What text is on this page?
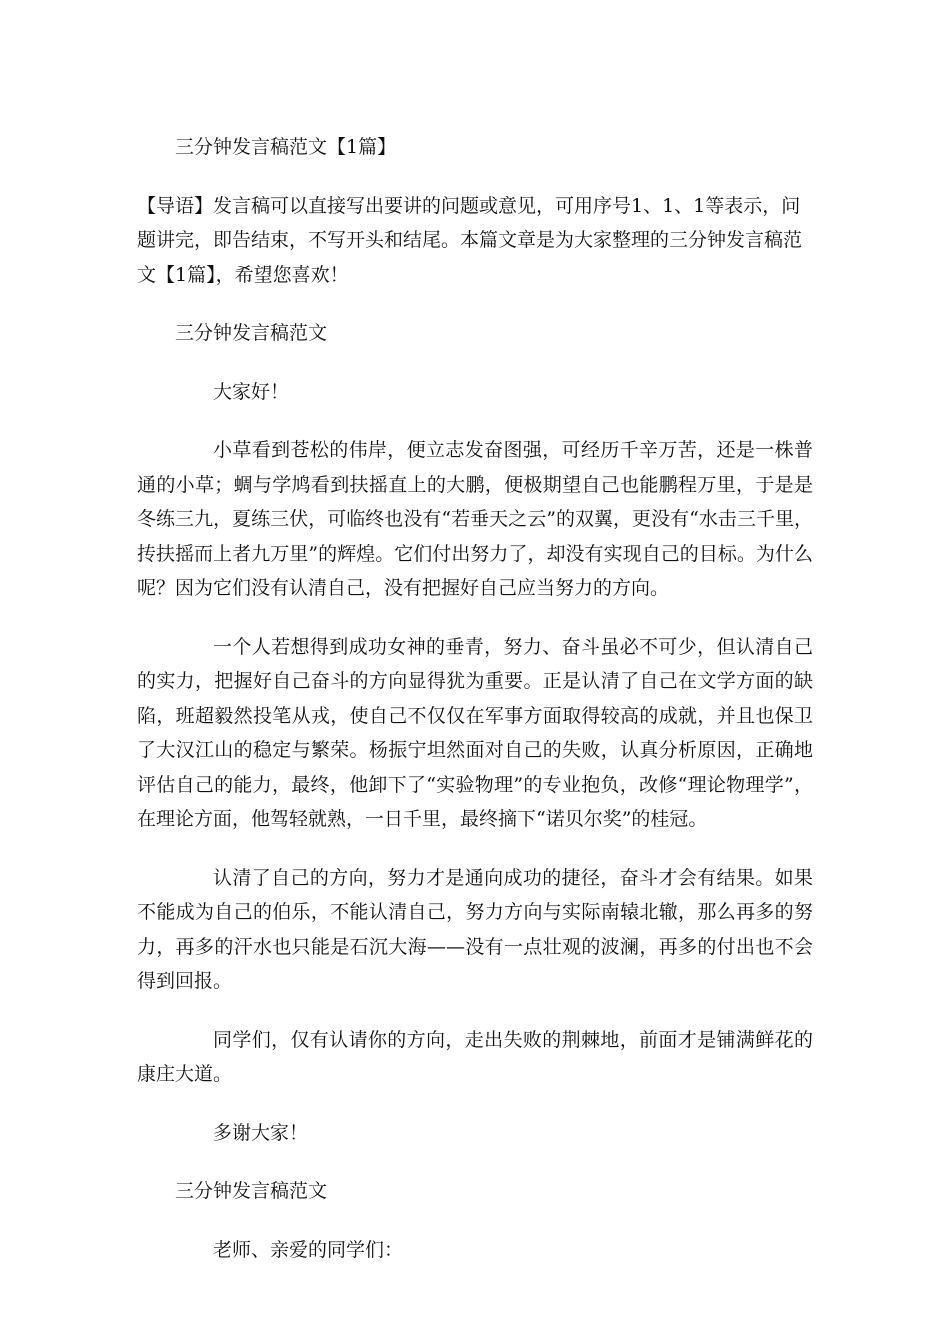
三分钟发言稿范文【1篇】

【导语】发言稿可以直接写出要讲的问题或意见，可用序号1、1、1等表示，问题讲完，即告结束，不写开头和结尾。本篇文章是为大家整理的三分钟发言稿范文【1篇】，希望您喜欢！

三分钟发言稿范文

大家好！

小草看到苍松的伟岸，便立志发奋图强，可经历千辛万苦，还是一株普通的小草；蜩与学鸠看到扶摇直上的大鹏，便极期望自己也能鹏程万里，于是是冬练三九，夏练三伏，可临终也没有“若垂天之云”的双翼，更没有“水击三千里，抟扶摇而上者九万里”的辉煌。它们付出努力了，却没有实现自己的目标。为什么呢？因为它们没有认清自己，没有把握好自己应当努力的方向。

一个人若想得到成功女神的垂青，努力、奋斗虽必不可少，但认清自己的实力，把握好自己奋斗的方向显得犹为重要。正是认清了自己在文学方面的缺陷，班超毅然投笔从戎，使自己不仅仅在军事方面取得较高的成就，并且也保卫了大汉江山的稳定与繁荣。杨振宁坦然面对自己的失败，认真分析原因，正确地评估自己的能力，最终，他卸下了“实验物理”的专业抱负，改修“理论物理学”，在理论方面，他驾轻就熟，一日千里，最终摘下“诺贝尔奖”的桂冠。

认清了自己的方向，努力才是通向成功的捷径，奋斗才会有结果。如果不能成为自己的伯乐，不能认清自己，努力方向与实际南辕北辙，那么再多的努力，再多的汗水也只能是石沉大海——没有一点壮观的波澜，再多的付出也不会得到回报。

同学们，仅有认请你的方向，走出失败的荆棘地，前面才是铺满鲜花的康庄大道。

多谢大家！

三分钟发言稿范文

老师、亲爱的同学们：
